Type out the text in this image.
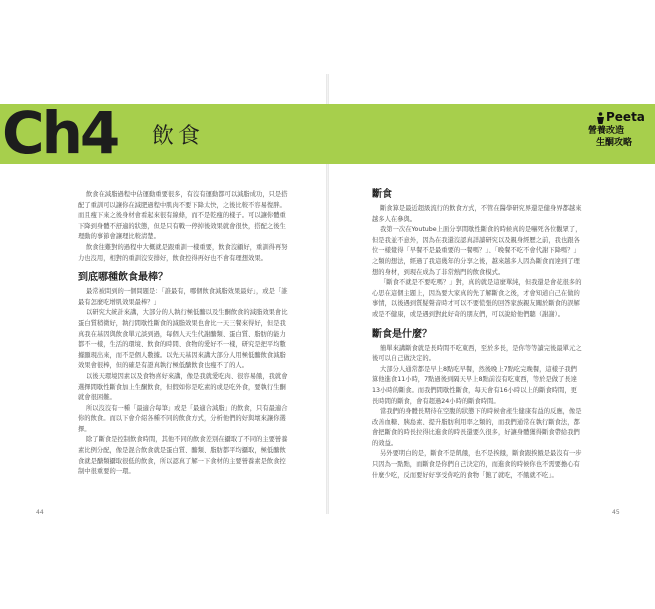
Ch4 飲食
Peeta
營養改造
生酮攻略

飲食在減脂過程中佔運動重要很多，有沒有運動都可以減脂成功，只是搭配了重訓可以讓你在減肥過程中肌肉不要下降太快，之後比較不容易復胖。而且瘦下來之後身材會看起來很有線條，而不是乾瘦的樣子。可以讓你體重下降到身體不舒適的狀態，但是只有戰一停掉後效果就會很快，搭配之後生理動的事節會讓理比較淸楚。

飲食往難對的過程中大概就是跟重訓一樣重要，飲食沒顧好，重訓得再努力也沒用，相對的重訓沒安排好，飲食控得再好也不會有理想效果。

到底哪種飲食最棒？

最常被問到的一個問題是：「誰最有，哪個飲食減脂效果最好」，或是「誰最有怎麼吃增肌效果最棒？」

以研究大統計來講，大部分的人執行極低醣以及生酮飲食的減脂效果會比蛋白質稍微好，執行間歇性斷食的減脂效果也會比一天三餐來得好，但是我真我在基因與飲食單元談到過，每個人天生代謝醣類、蛋白質、脂肪的能力都不一樣，生活的環境、飲食的時間、食物的愛好不一樣，研究是把平均數據顯現出來，而不是個人數據。以先天基因來講大部分人用極低醣飲食減脂效果會很棒，但的確是有證真執行極低醣飲食也瘦不了的人。

以後天環境因素以及食物喜好來講，像是我就愛吃肉、很容易餓，我就會選擇間歇性斷食加上生酮飲食，但假如你是吃素的或是吃外食，要執行生酮就會很困難。

所以沒沒有一種「最適合每筆」或是「最適合減脂」的飲食，只有最適合你的飲食。而以下會介紹各種不同的飲食方式，分析他們的好與壞來讓你選擇。

除了斷食是控制飲食時間，其他不同的飲食差別在攝取了不同的主要營養素比例分配，像是混合飲食就是蛋白質、醣類、脂肪都平均攝取，極低醣飲食就是醣類攝取很低的飲食，所以認真了解一下食材的主要營養素是飲食控制中很重要的一環。

斷食

斷食算是最近超級流行的飲食方式，不管在醫學研究界還是健身界都越來越多人在參與。

我第一次在Youtube上面分享間歇性斷食的時候真的是嚇死各位觀眾了，但是我並不意外，因為在我還沒認真詳讀研究以及親身經歷之前，我也跟各位一樣覺得「早餐不是最重要的一餐嗎？」、「晚餐不吃不會代謝下降嗎？」之類的想法，經過了我這幾年的分享之後，越來越多人因為斷食而達到了理想的身材，到現在成為了非常熱門的飲食模式。

「斷食不就是不要吃嗎？」對，真的就是這麼單純，但我還是會花很多的心思在這個主題上，因為要大家真的先了解斷食之後，才會知道自己在做的事情，以後遇到質疑聲音時才可以不要慌張的回答家族親友關於斷食的誤解或是不健康，或是遇到對此好奇的朋友們，可以說給他們聽（謝謝）。

斷食是什麼？

簡單來講斷食就是長時間不吃東西，至於多長，是你等等讀完後最單元之後可以自己做決定的。

大部分人通常都是早上8點吃早餐，然後晚上7點吃完晚餐，這樣子我們算他進食11小時，7點過後到隔天早上8點前沒有吃東西，等於是做了長達13小時的斷食。而我們間歇性斷食，每天會有16小時以上的斷食時間，更長時間的斷食，會有超過24小時的斷食時間。

當我們的身體長期待在空腹的狀態下的時候會產生健康有益的反應，像是改善血糖、胰島素、提升脂肪利用率之類的，而我們通常在執行斷食法，都會把斷食的時長拉得比進食的時長還要久很多，好讓身體獲得斷食帶給我們的效益。

另外要明白的是，斷食不是飢餓，也不是挨餓，斷食跟挨餓是最沒有一步只因為一點點，而斷食是你們自己決定的，而進食的時候你也不需要擔心有什麼少吃，反而要好好享受你吃的食物「飽了就吃，不餓就不吃」。

44	45
